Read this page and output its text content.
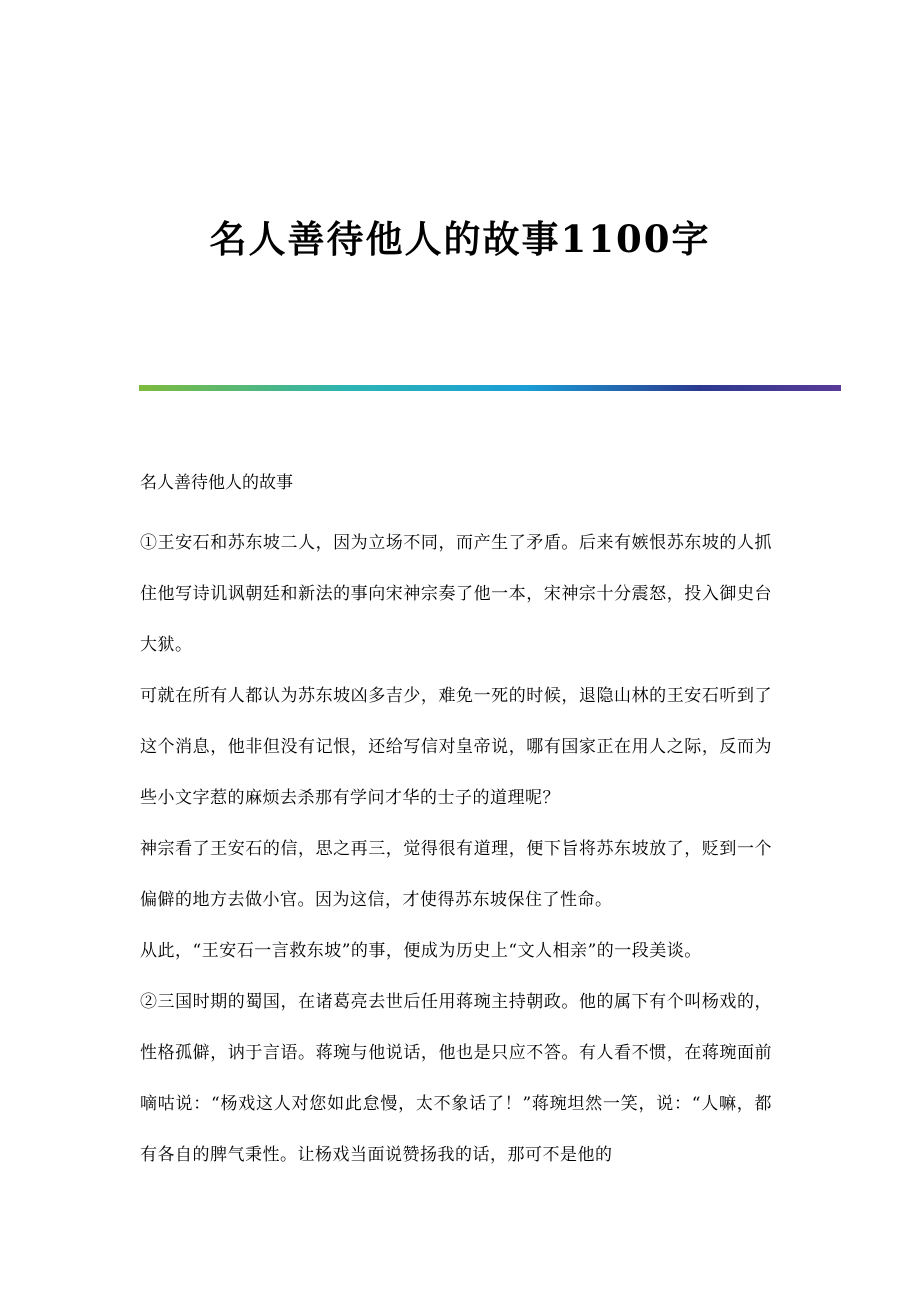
名人善待他人的故事1100字

名人善待他人的故事

①王安石和苏东坡二人，因为立场不同，而产生了矛盾。后来有嫉恨苏东坡的人抓住他写诗讥讽朝廷和新法的事向宋神宗奏了他一本，宋神宗十分震怒，投入御史台大狱。

可就在所有人都认为苏东坡凶多吉少，难免一死的时候，退隐山林的王安石听到了这个消息，他非但没有记恨，还给写信对皇帝说，哪有国家正在用人之际，反而为些小文字惹的麻烦去杀那有学问才华的士子的道理呢？

神宗看了王安石的信，思之再三，觉得很有道理，便下旨将苏东坡放了，贬到一个偏僻的地方去做小官。因为这信，才使得苏东坡保住了性命。

从此，“王安石一言救东坡”的事，便成为历史上“文人相亲”的一段美谈。

②三国时期的蜀国，在诸葛亮去世后任用蒋琬主持朝政。他的属下有个叫杨戏的，性格孤僻，讷于言语。蒋琬与他说话，他也是只应不答。有人看不惯，在蒋琬面前嘀咕说：“杨戏这人对您如此怠慢，太不象话了！”蒋琬坦然一笑，说：“人嘛，都有各自的脾气秉性。让杨戏当面说赞扬我的话，那可不是他的
